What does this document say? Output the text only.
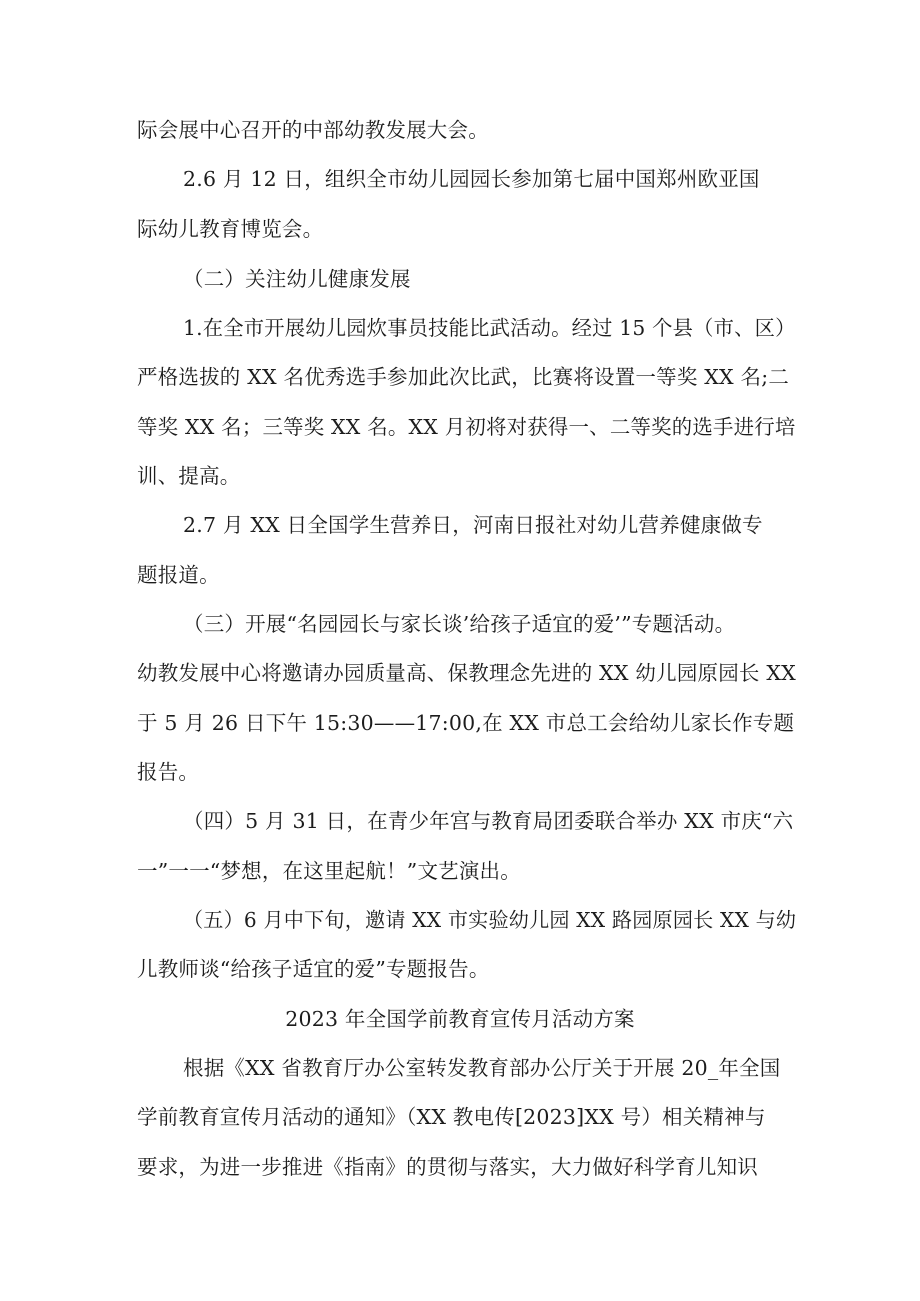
际会展中心召开的中部幼教发展大会。
2.6 月 12 日，组织全市幼儿园园长参加第七届中国郑州欧亚国
际幼儿教育博览会。
（二）关注幼儿健康发展
1.在全市开展幼儿园炊事员技能比武活动。经过 15 个县（市、区）
严格选拔的 XX 名优秀选手参加此次比武，比赛将设置一等奖 XX 名;二
等奖 XX 名；三等奖 XX 名。XX 月初将对获得一、二等奖的选手进行培
训、提高。
2.7 月 XX 日全国学生营养日，河南日报社对幼儿营养健康做专
题报道。
（三）开展“名园园长与家长谈’给孩子适宜的爱’”专题活动。
幼教发展中心将邀请办园质量高、保教理念先进的 XX 幼儿园原园长 XX
于 5 月 26 日下午 15:30——17:00,在 XX 市总工会给幼儿家长作专题
报告。
（四）5 月 31 日，在青少年宫与教育局团委联合举办 XX 市庆“六
一”一一“梦想，在这里起航！”文艺演出。
（五）6 月中下旬，邀请 XX 市实验幼儿园 XX 路园原园长 XX 与幼
儿教师谈“给孩子适宜的爱”专题报告。
2023 年全国学前教育宣传月活动方案
根据《XX 省教育厅办公室转发教育部办公厅关于开展 20_年全国
学前教育宣传月活动的通知》（XX 教电传[2023]XX 号）相关精神与
要求，为进一步推进《指南》的贯彻与落实，大力做好科学育儿知识
